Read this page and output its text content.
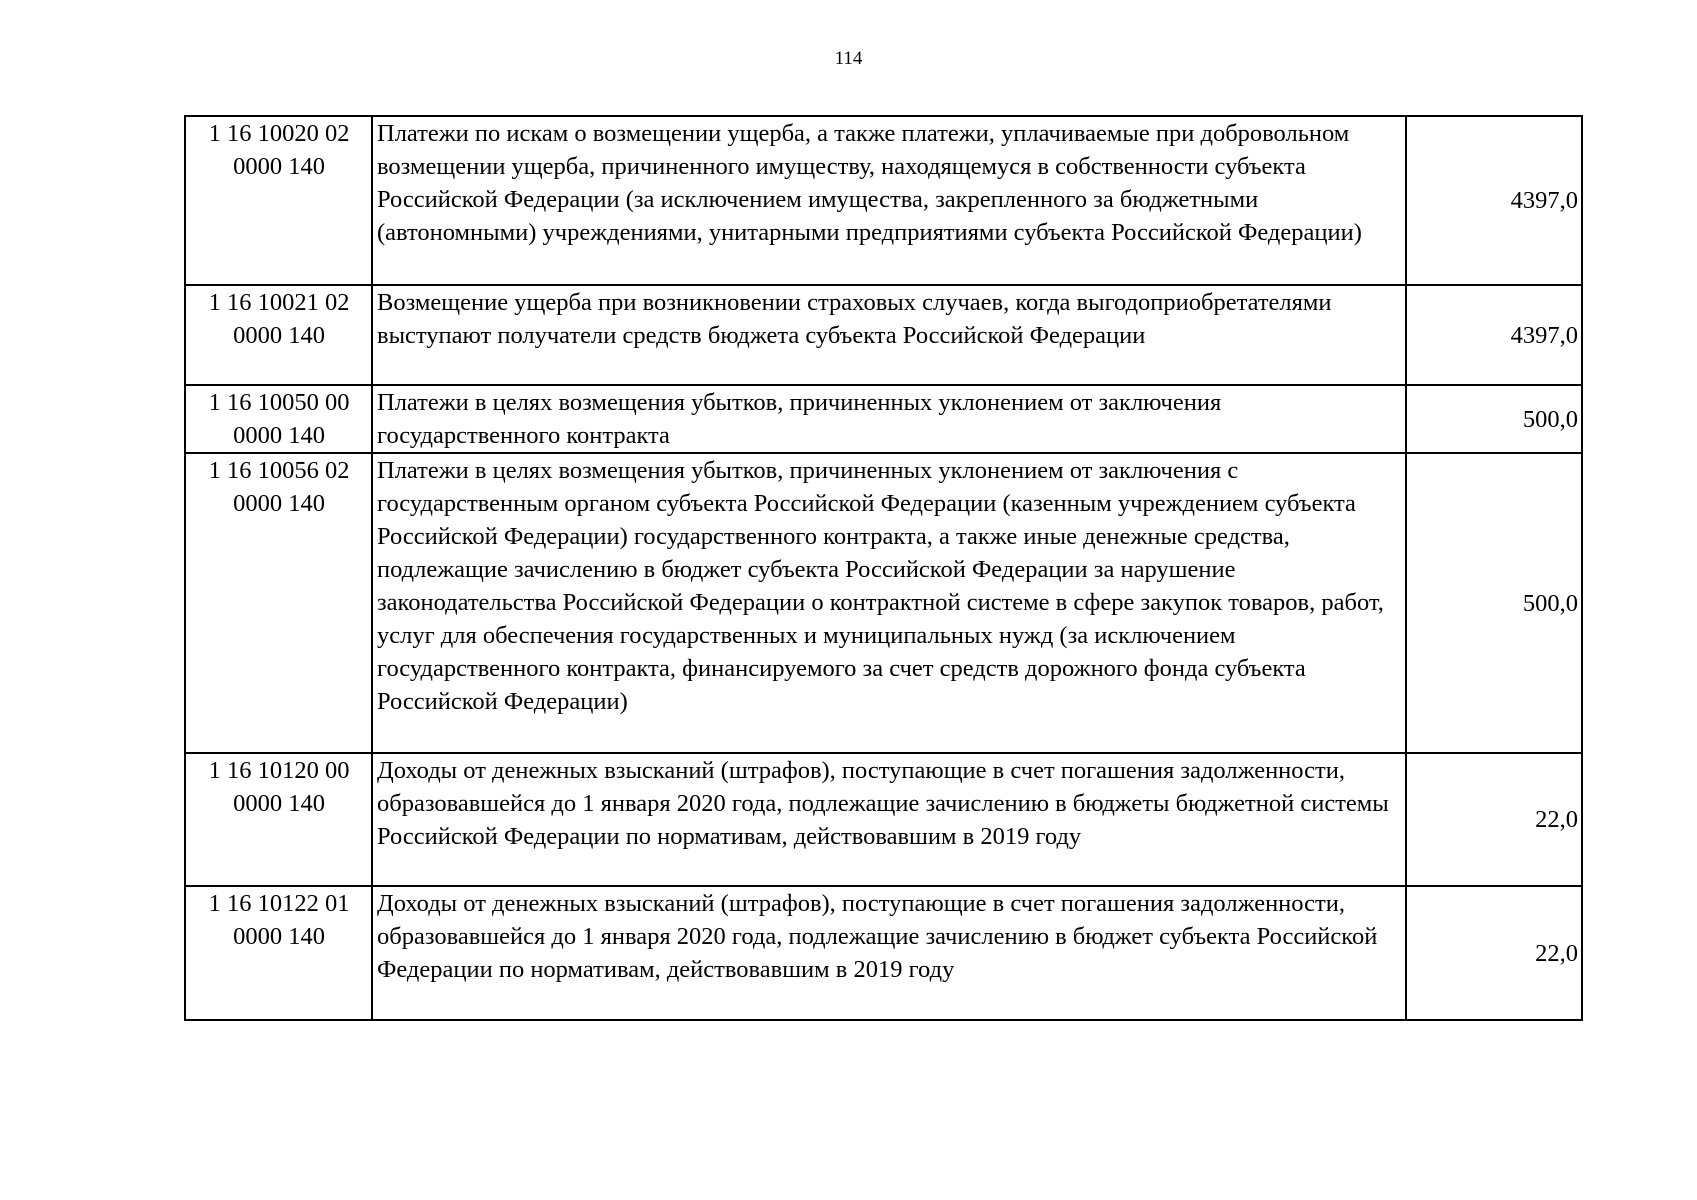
114
1 16 10020 02
0000 140	Платежи по искам о возмещении ущерба, а также платежи, уплачиваемые при добровольном возмещении ущерба, причиненного имуществу, находящемуся в собственности субъекта Российской Федерации (за исключением имущества, закрепленного за бюджетными (автономными) учреждениями, унитарными предприятиями субъекта Российской Федерации)	4397,0

1 16 10021 02
0000 140	Возмещение ущерба при возникновении страховых случаев, когда выгодоприобретателями выступают получатели средств бюджета субъекта Российской Федерации	4397,0

1 16 10050 00
0000 140	Платежи в целях возмещения убытков, причиненных уклонением от заключения государственного контракта	500,0

1 16 10056 02
0000 140	Платежи в целях возмещения убытков, причиненных уклонением от заключения с государственным органом субъекта Российской Федерации (казенным учреждением субъекта Российской Федерации) государственного контракта, а также иные денежные средства, подлежащие зачислению в бюджет субъекта Российской Федерации за нарушение законодательства Российской Федерации о контрактной системе в сфере закупок товаров, работ, услуг для обеспечения государственных и муниципальных нужд (за исключением государственного контракта, финансируемого за счет средств дорожного фонда субъекта Российской Федерации)	500,0

1 16 10120 00
0000 140	Доходы от денежных взысканий (штрафов), поступающие в счет погашения задолженности, образовавшейся до 1 января 2020 года, подлежащие зачислению в бюджеты бюджетной системы Российской Федерации по нормативам, действовавшим в 2019 году	22,0

1 16 10122 01
0000 140	Доходы от денежных взысканий (штрафов), поступающие в счет погашения задолженности, образовавшейся до 1 января 2020 года, подлежащие зачислению в бюджет субъекта Российской Федерации по нормативам, действовавшим в 2019 году	22,0
